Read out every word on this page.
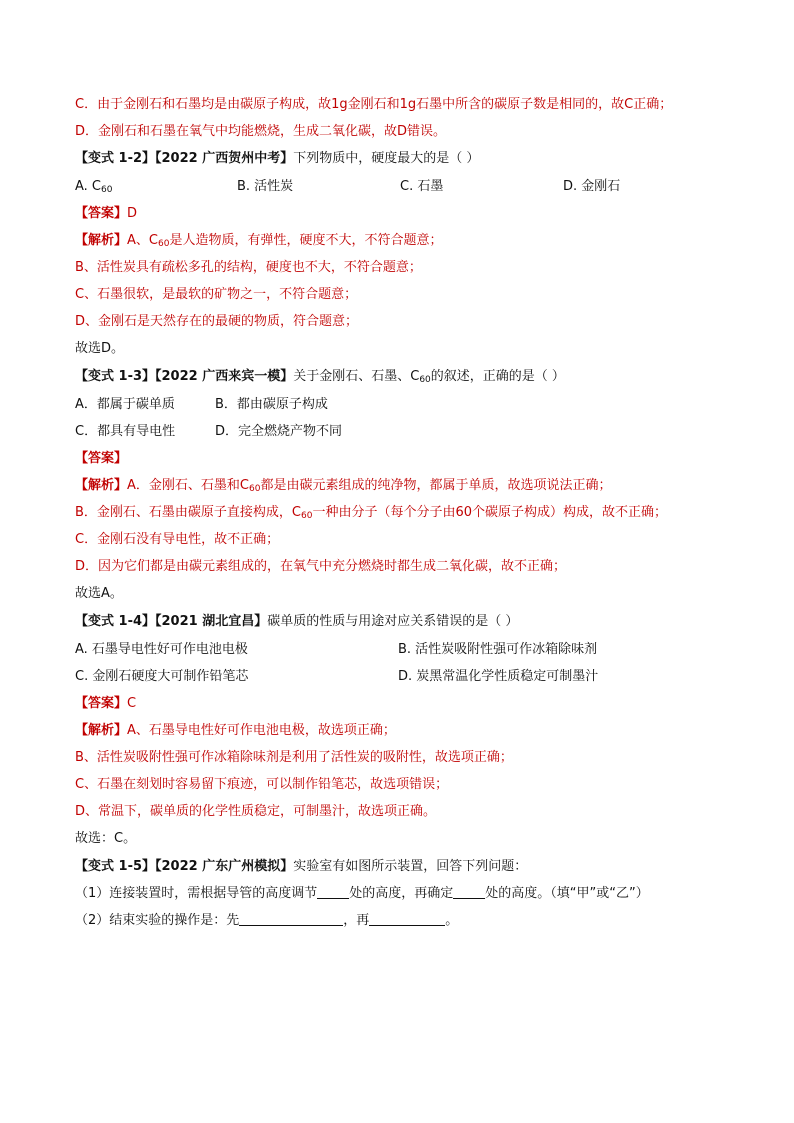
C．由于金刚石和石墨均是由碳原子构成，故1g金刚石和1g石墨中所含的碳原子数是相同的，故C正确；
D．金刚石和石墨在氧气中均能燃烧，生成二氧化碳，故D错误。
【变式 1-2】【2022 广西贺州中考】下列物质中，硬度最大的是（ ）
A. $C_{60}$	B. 活性炭	C. 石墨	D. 金刚石
【答案】D
【解析】A、$C_{60}$是人造物质，有弹性，硬度不大，不符合题意；
B、活性炭具有疏松多孔的结构，硬度也不大，不符合题意；
C、石墨很软，是最软的矿物之一，不符合题意；
D、金刚石是天然存在的最硬的物质，符合题意；
故选D。
【变式 1-3】【2022 广西来宾一模】关于金刚石、石墨、$C_{60}$的叙述，正确的是（ ）
A．都属于碳单质	B．都由碳原子构成
C．都具有导电性	D．完全燃烧产物不同
【答案】
【解析】A．金刚石、石墨和$C_{60}$都是由碳元素组成的纯净物，都属于单质，故选项说法正确；
B．金刚石、石墨由碳原子直接构成，$C_{60}$一种由分子（每个分子由60个碳原子构成）构成，故不正确；
C．金刚石没有导电性，故不正确；
D．因为它们都是由碳元素组成的，在氧气中充分燃烧时都生成二氧化碳，故不正确；
故选A。
【变式 1-4】【2021 湖北宜昌】碳单质的性质与用途对应关系错误的是（ ）
A. 石墨导电性好可作电池电极	B. 活性炭吸附性强可作冰箱除味剂
C. 金刚石硬度大可制作铅笔芯	D. 炭黑常温化学性质稳定可制墨汁
【答案】C
【解析】A、石墨导电性好可作电池电极，故选项正确；
B、活性炭吸附性强可作冰箱除味剂是利用了活性炭的吸附性，故选项正确；
C、石墨在刻划时容易留下痕迹，可以制作铅笔芯，故选项错误；
D、常温下，碳单质的化学性质稳定，可制墨汁，故选项正确。
故选：C。
【变式 1-5】【2022 广东广州模拟】实验室有如图所示装置，回答下列问题：
（1）连接装置时，需根据导管的高度调节 处的高度，再确定 处的高度。（填“甲”或“乙”）
（2）结束实验的操作是：先	，再	。
